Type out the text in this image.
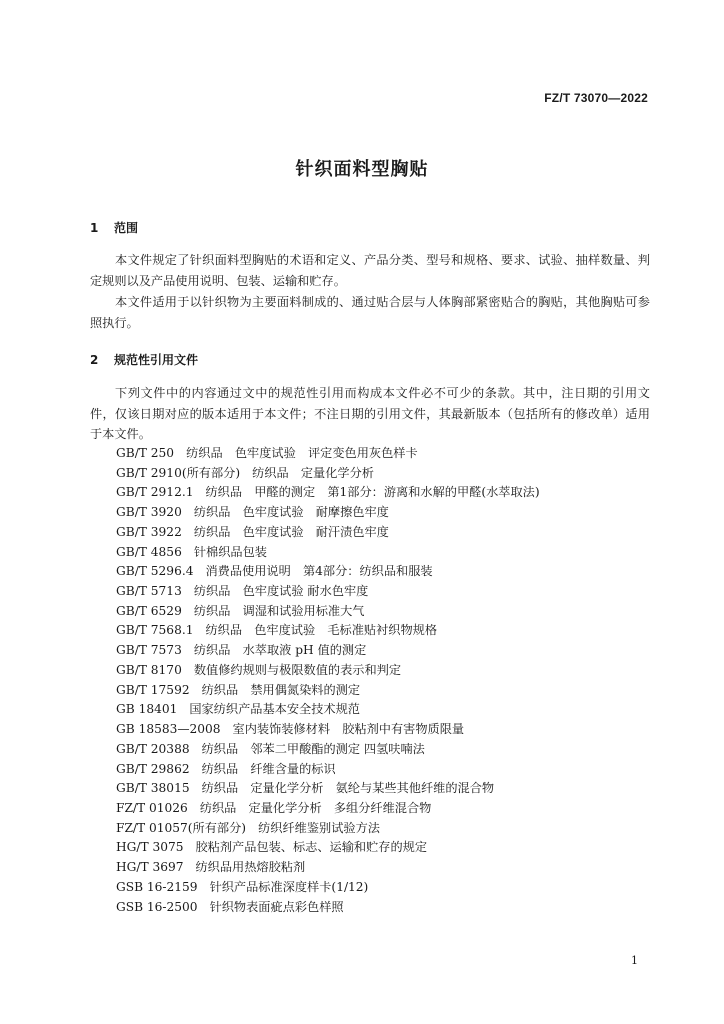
FZ/T 73070—2022
针织面料型胸贴
1 范围
本文件规定了针织面料型胸贴的术语和定义、产品分类、型号和规格、要求、试验、抽样数量、判定规则以及产品使用说明、包装、运输和贮存。
本文件适用于以针织物为主要面料制成的、通过贴合层与人体胸部紧密贴合的胸贴，其他胸贴可参照执行。
2 规范性引用文件
下列文件中的内容通过文中的规范性引用而构成本文件必不可少的条款。其中，注日期的引用文件，仅该日期对应的版本适用于本文件；不注日期的引用文件，其最新版本（包括所有的修改单）适用于本文件。
GB/T 250 纺织品　色牢度试验　评定变色用灰色样卡
GB/T 2910(所有部分) 纺织品　定量化学分析
GB/T 2912.1 纺织品　甲醛的测定　第1部分：游离和水解的甲醛(水萃取法)
GB/T 3920 纺织品　色牢度试验　耐摩擦色牢度
GB/T 3922 纺织品　色牢度试验　耐汗渍色牢度
GB/T 4856 针棉织品包装
GB/T 5296.4 消费品使用说明　第4部分：纺织品和服装
GB/T 5713 纺织品　色牢度试验 耐水色牢度
GB/T 6529 纺织品　调湿和试验用标准大气
GB/T 7568.1 纺织品　色牢度试验　毛标准贴衬织物规格
GB/T 7573 纺织品　水萃取液 pH 值的测定
GB/T 8170 数值修约规则与极限数值的表示和判定
GB/T 17592 纺织品　禁用偶氮染料的测定
GB 18401 国家纺织产品基本安全技术规范
GB 18583—2008 室内装饰装修材料　胶粘剂中有害物质限量
GB/T 20388 纺织品　邻苯二甲酸酯的测定 四氢呋喃法
GB/T 29862 纺织品　纤维含量的标识
GB/T 38015 纺织品　定量化学分析　氨纶与某些其他纤维的混合物
FZ/T 01026 纺织品　定量化学分析　多组分纤维混合物
FZ/T 01057(所有部分) 纺织纤维鉴别试验方法
HG/T 3075 胶粘剂产品包装、标志、运输和贮存的规定
HG/T 3697 纺织品用热熔胶粘剂
GSB 16-2159 针织产品标准深度样卡(1/12)
GSB 16-2500 针织物表面疵点彩色样照
1
